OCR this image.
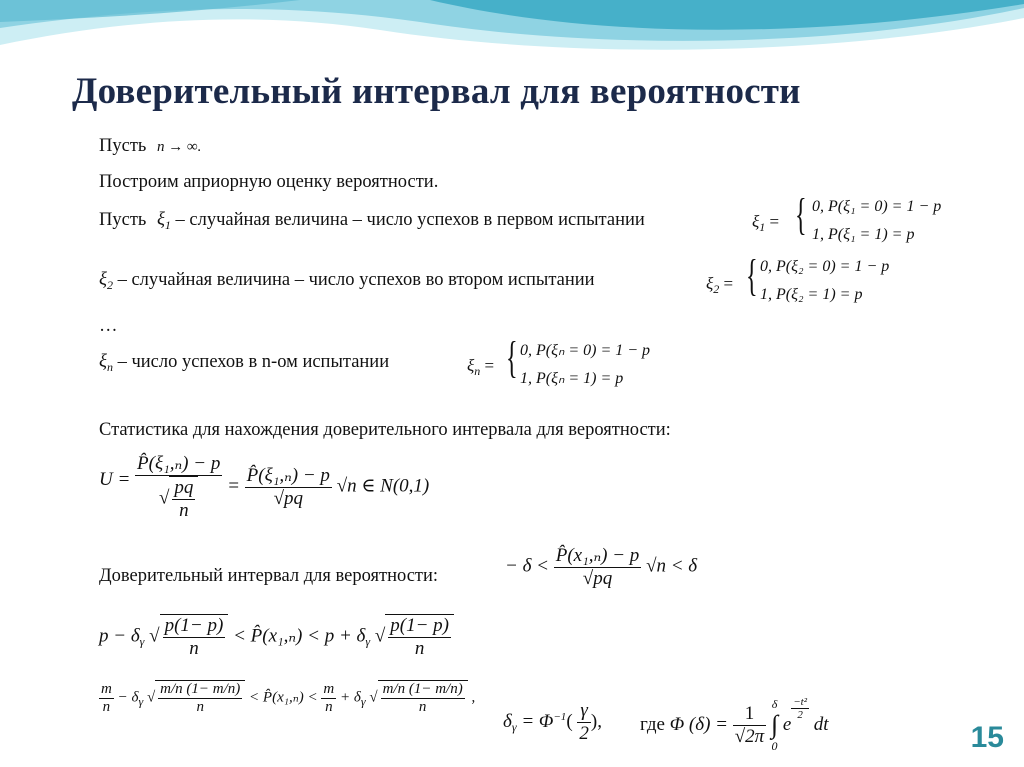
Доверительный интервал для вероятности
Пусть n → ∞.
Построим априорную оценку вероятности.
Пусть $\xi_1$ – случайная величина – число успехов в первом испытании	$\xi_1$ = { 0, P(ξ₁ = 0) = 1 − p
1, P(ξ₁ = 1) = p
$\xi_2$ – случайная величина – число успехов во втором испытании	$\xi_2$ = { 0, P(ξ₂ = 0) = 1 − p
1, P(ξ₂ = 1) = p
…
$\xi_n$ – число успехов в n-ом испытании	$\xi_n$ = { 0, P(ξₙ = 0) = 1 − p
1, P(ξₙ = 1) = p
Статистика для нахождения доверительного интервала для вероятности:
$U = \frac{\text{P̂(ξ₁,ₙ) − p}}{√ \frac{pq}{n}} = \frac{\text{P̂(ξ₁,ₙ) − p}}{√pq} √n$ ∈ N(0,1)
Доверительный интервал для вероятности:	− $\delta < \frac{\text{P̂(x₁,ₙ) − p}}{√pq} √n < \delta$
$p - \delta_\gamma$ √ $\frac{p(1- p)}{n}$ < P̂(x₁,ₙ) < $p + \delta_\gamma$ √ $\frac{p(1- p)}{n}$
$\frac{m}{n} - \delta_\gamma$ √ $\frac{m/n (1- m/n)}{n}$ < P̂(x₁,ₙ) < $\frac{m}{n} + \delta_\gamma$ √ $\frac{m/n (1- m/n)}{n}$ ,
$\delta_\gamma = \Phi^{-1}( \frac{\gamma}{2}$ ), где Φ $(\delta) = \frac{1}{√2\pi}$
δ
∫
0
e
$\frac{\text{−t²}}{2}$
dt	15
